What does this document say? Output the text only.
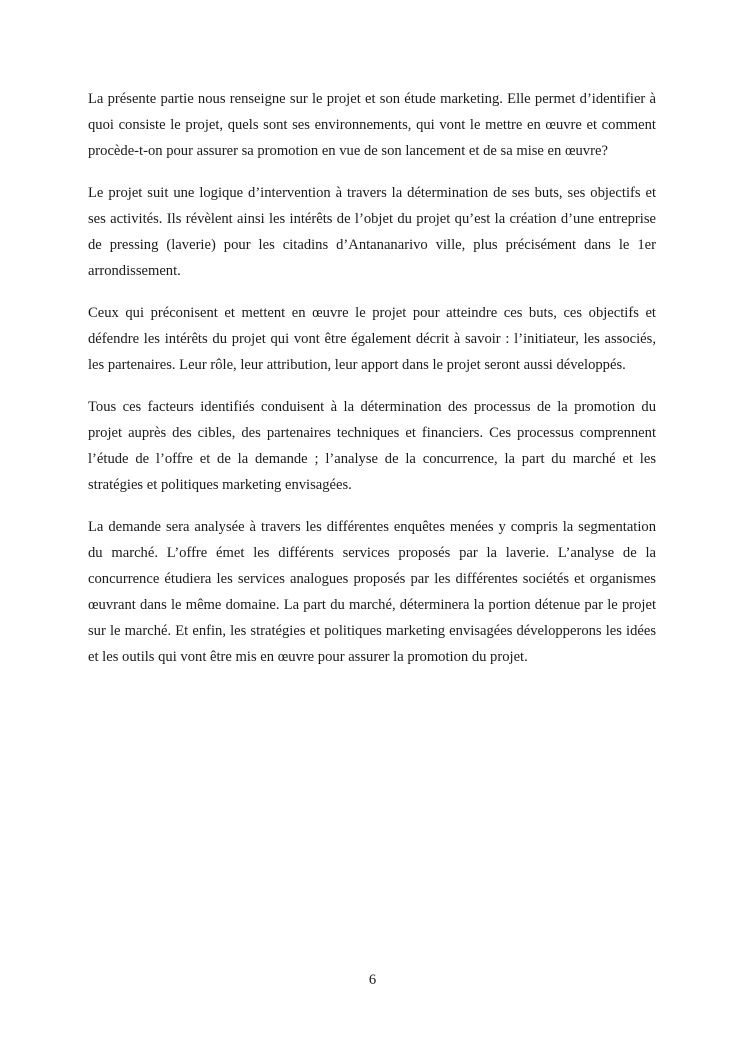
La présente partie nous renseigne sur le projet et son étude marketing. Elle permet d’identifier à quoi consiste le projet, quels sont ses environnements, qui vont le mettre en œuvre et comment procède-t-on pour assurer sa promotion en vue de son lancement et de sa mise en œuvre?

Le projet suit une logique d’intervention à travers la détermination de ses buts, ses objectifs et ses activités. Ils révèlent ainsi les intérêts de l’objet du projet qu’est la création d’une entreprise de pressing (laverie) pour les citadins d’Antananarivo ville, plus précisément dans le 1er arrondissement.

Ceux qui préconisent et mettent en œuvre le projet pour atteindre ces buts, ces objectifs et défendre les intérêts du projet qui vont être également décrit à savoir : l’initiateur, les associés, les partenaires. Leur rôle, leur attribution, leur apport dans le projet seront aussi développés.

Tous ces facteurs identifiés conduisent à la détermination des processus de la promotion du projet auprès des cibles, des partenaires techniques et financiers. Ces processus comprennent l’étude de l’offre et de la demande ; l’analyse de la concurrence, la part du marché et les stratégies et politiques marketing envisagées.

La demande sera analysée à travers les différentes enquêtes menées y compris la segmentation du marché. L’offre émet les différents services proposés par la laverie. L’analyse de la concurrence étudiera les services analogues proposés par les différentes sociétés et organismes œuvrant dans le même domaine. La part du marché, déterminera la portion détenue par le projet sur le marché. Et enfin, les stratégies et politiques marketing envisagées développerons les idées et les outils qui vont être mis en œuvre pour assurer la promotion du projet.

6
